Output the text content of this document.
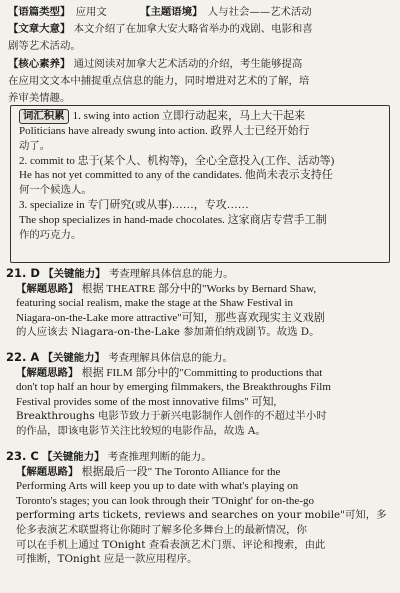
【语篇类型】 应用文	【主题语境】 人与社会——艺术活动
【文章大意】 本文介绍了在加拿大安大略省举办的戏剧、电影和喜
剧等艺术活动。
【核心素养】 通过阅读对加拿大艺术活动的介绍，考生能够提高
在应用文文本中捕捉重点信息的能力，同时增进对艺术的了解，培
养审美情趣。
词汇积累 1. swing into action 立即行动起来，马上大干起来
Politicians have already swung into action. 政界人士已经开始行
动了。
2. commit to 忠于(某个人、机构等)，全心全意投入(工作、活动等)
He has not yet committed to any of the candidates. 他尚未表示支持任
何一个候选人。
3. specialize in 专门研究(或从事)……，专攻……
The shop specializes in hand-made chocolates. 这家商店专营手工制
作的巧克力。
21. D 【关键能力】 考查理解具体信息的能力。
【解题思路】 根据 THEATRE 部分中的"Works by Bernard Shaw,
featuring social realism, make the stage at the Shaw Festival in
Niagara-on-the-Lake more attractive"可知，那些喜欢现实主义戏剧
的人应该去 Niagara-on-the-Lake 参加萧伯纳戏剧节。故选 D。
22. A 【关键能力】 考查理解具体信息的能力。
【解题思路】 根据 FILM 部分中的"Committing to productions that
don't top half an hour by emerging filmmakers, the Breakthroughs Film
Festival provides some of the most innovative films" 可知,
Breakthroughs 电影节致力于新兴电影制作人创作的不超过半小时
的作品，即该电影节关注比较短的电影作品，故选 A。
23. C 【关键能力】 考查推理判断的能力。
【解题思路】 根据最后一段" The Toronto Alliance for the
Performing Arts will keep you up to date with what's playing on
Toronto's stages; you can look through their 'TOnight' for on-the-go
performing arts tickets, reviews and searches on your mobile"可知，多
伦多表演艺术联盟将让你随时了解多伦多舞台上的最新情况，你
可以在手机上通过 TOnight 查看表演艺术门票、评论和搜索，由此
可推断，TOnight 应是一款应用程序。
